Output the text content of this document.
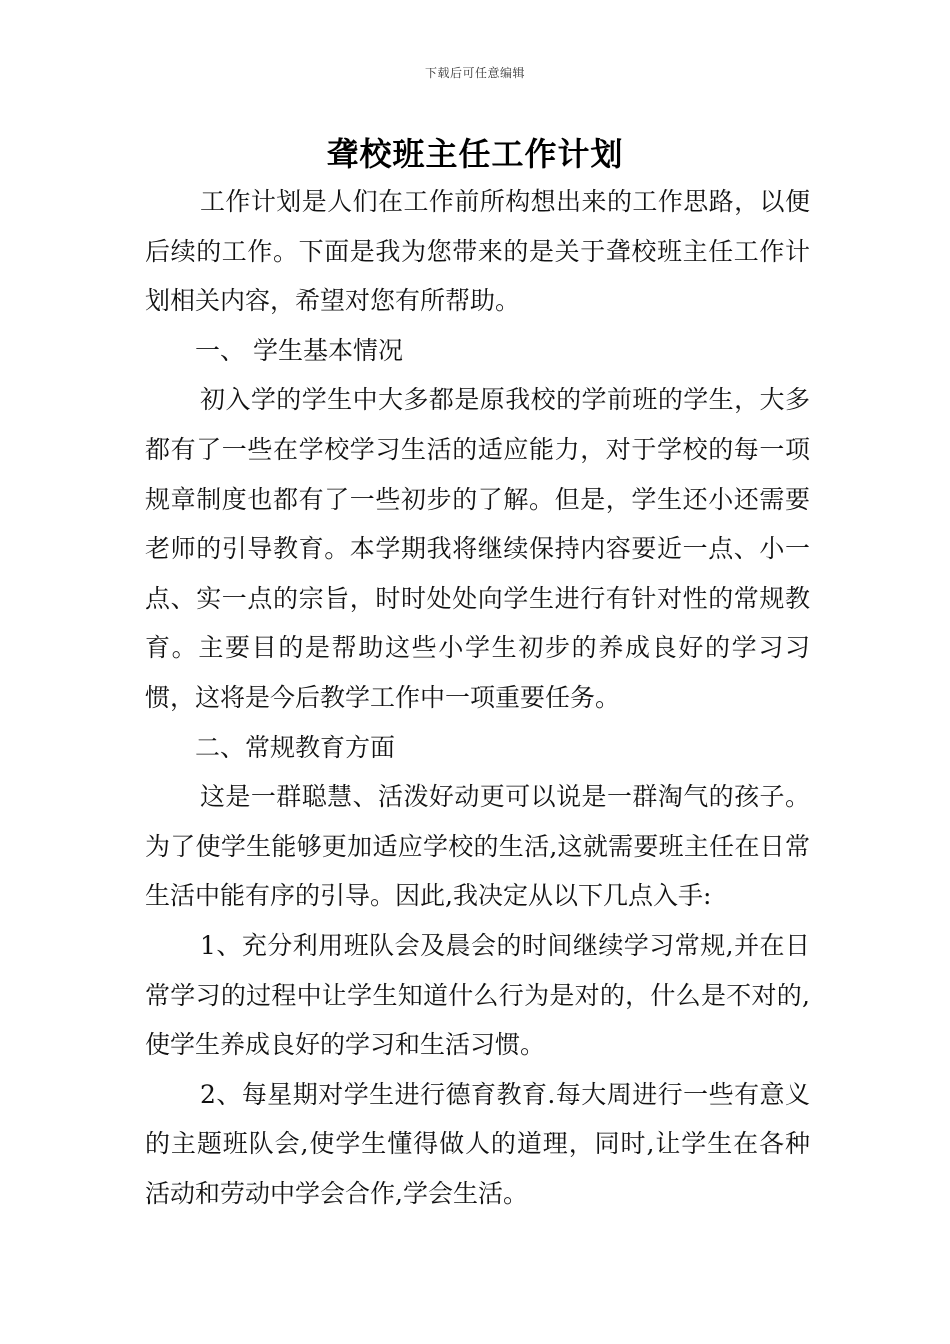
下载后可任意编辑
聋校班主任工作计划

工作计划是人们在工作前所构想出来的工作思路，以便后续的工作。下面是我为您带来的是关于聋校班主任工作计划相关内容，希望对您有所帮助。

一、 学生基本情况

初入学的学生中大多都是原我校的学前班的学生，大多都有了一些在学校学习生活的适应能力，对于学校的每一项规章制度也都有了一些初步的了解。但是，学生还小还需要老师的引导教育。本学期我将继续保持内容要近一点、小一点、实一点的宗旨，时时处处向学生进行有针对性的常规教育。主要目的是帮助这些小学生初步的养成良好的学习习惯，这将是今后教学工作中一项重要任务。

二、常规教育方面

这是一群聪慧、活泼好动更可以说是一群淘气的孩子。为了使学生能够更加适应学校的生活,这就需要班主任在日常生活中能有序的引导。因此,我决定从以下几点入手:

1、充分利用班队会及晨会的时间继续学习常规,并在日常学习的过程中让学生知道什么行为是对的，什么是不对的,使学生养成良好的学习和生活习惯。

2、每星期对学生进行德育教育.每大周进行一些有意义的主题班队会,使学生懂得做人的道理，同时,让学生在各种活动和劳动中学会合作,学会生活。
